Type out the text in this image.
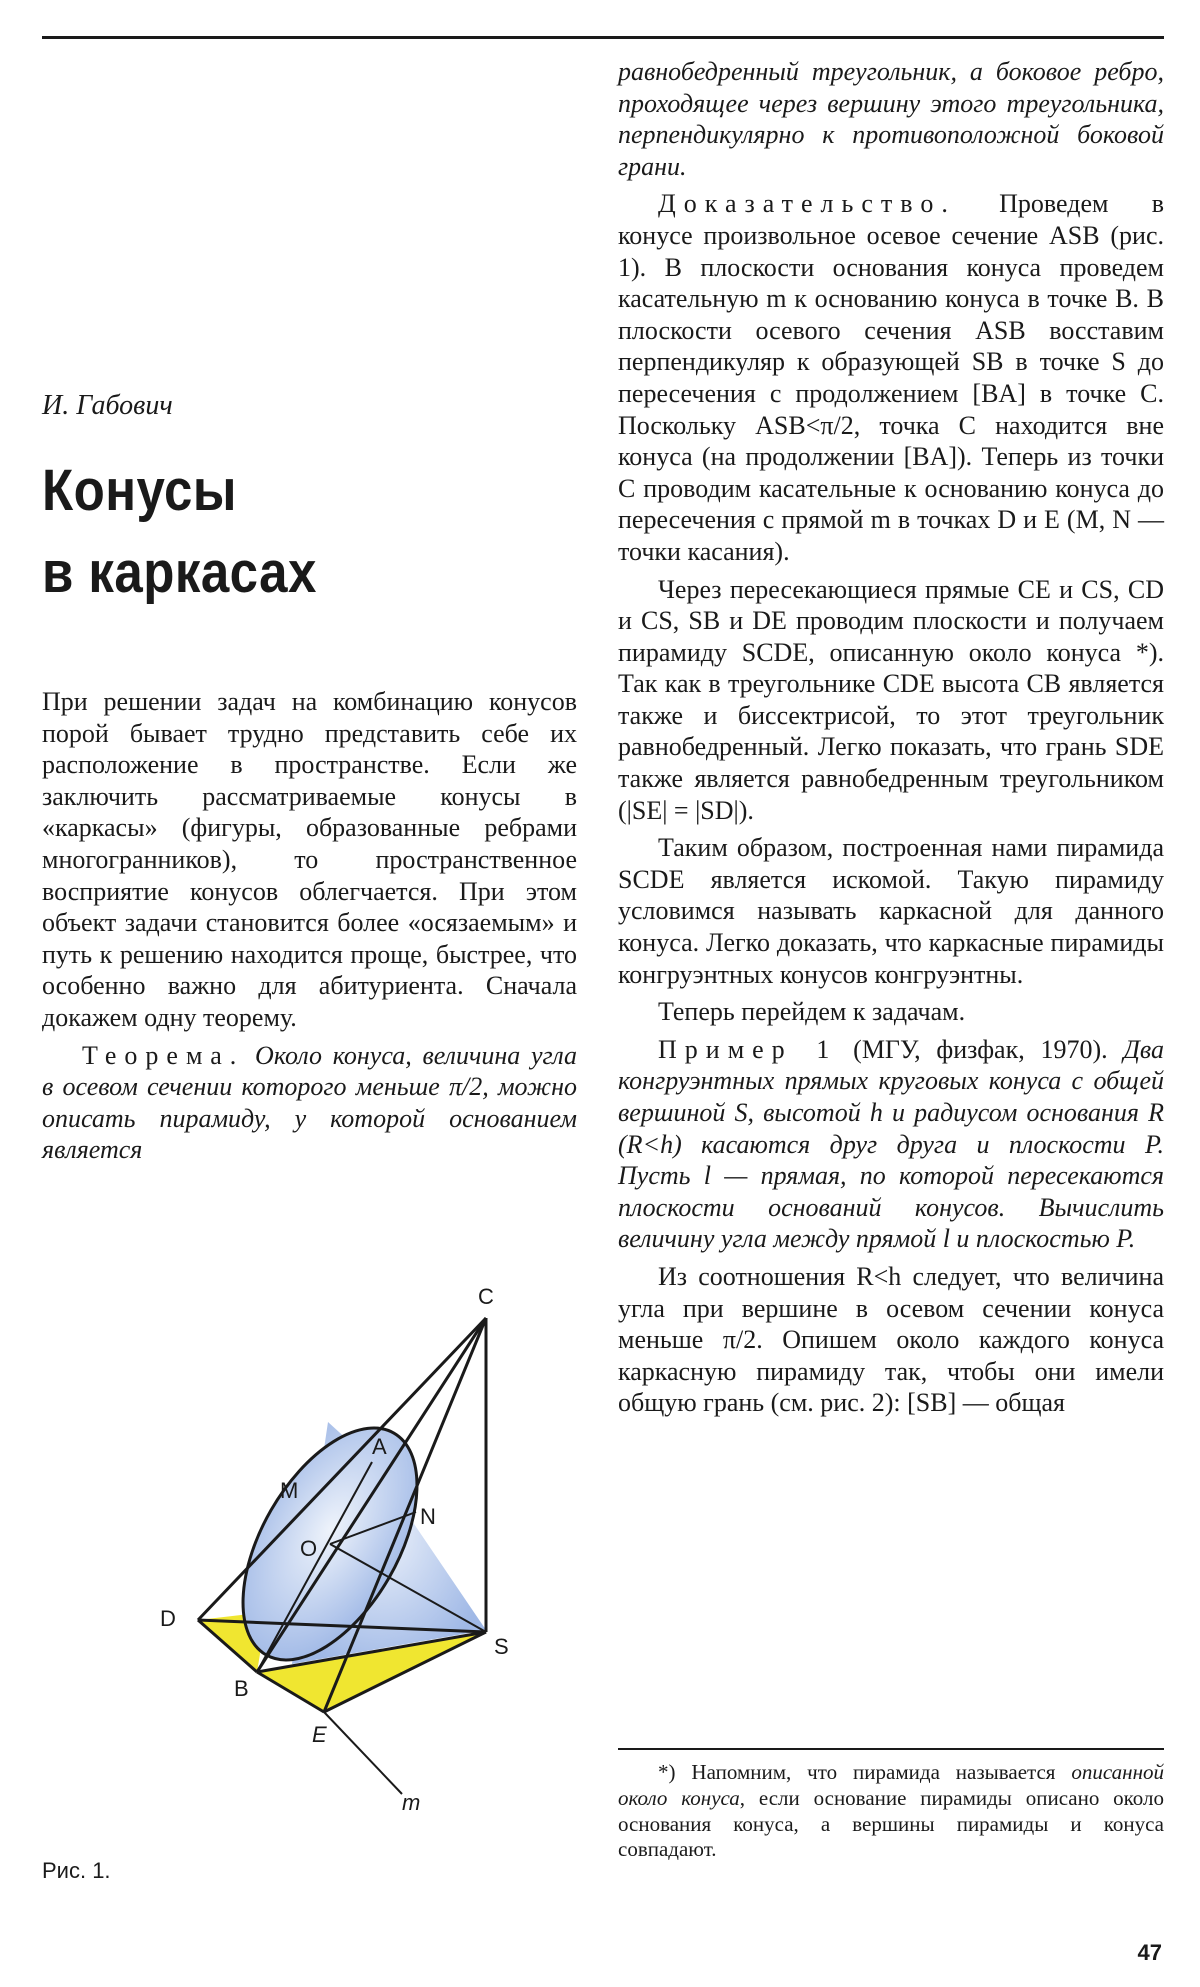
И. Габович
Конусы
в каркасах

При решении задач на комбинацию конусов порой бывает трудно представить себе их расположение в пространстве. Если же заключить рассматриваемые конусы в «каркасы» (фигуры, образованные ребрами многогранников), то пространственное восприятие конусов облегчается. При этом объект задачи становится более «осязаемым» и путь к решению находится проще, быстрее, что особенно важно для абитуриента. Сначала докажем одну теорему.

Теорема. Около конуса, величина угла в осевом сечении которого меньше π/2, можно описать пирамиду, у которой основанием является

равнобедренный треугольник, а боковое ребро, проходящее через вершину этого треугольника, перпендикулярно к противоположной боковой грани.

Доказательство. Проведем в конусе произвольное осевое сечение ASB (рис. 1). В плоскости основания конуса проведем касательную m к основанию конуса в точке B. В плоскости осевого сечения ASB восставим перпендикуляр к образующей SB в точке S до пересечения с продолжением [BA] в точке C. Поскольку ASB<π/2, точка C находится вне конуса (на продолжении [BA]). Теперь из точки C проводим касательные к основанию конуса до пересечения с прямой m в точках D и E (M, N — точки касания).

Через пересекающиеся прямые CE и CS, CD и CS, SB и DE проводим плоскости и получаем пирамиду SCDE, описанную около конуса *). Так как в треугольнике CDE высота CB является также и биссектрисой, то этот треугольник равнобедренный. Легко показать, что грань SDE также является равнобедренным треугольником (|SE| = |SD|).

Таким образом, построенная нами пирамида SCDE является искомой. Такую пирамиду условимся называть каркасной для данного конуса. Легко доказать, что каркасные пирамиды конгруэнтных конусов конгруэнтны.

Теперь перейдем к задачам.

Пример 1 (МГУ, физфак, 1970). Два конгруэнтных прямых круговых конуса с общей вершиной S, высотой h и радиусом основания R (R<h) касаются друг друга и плоскости P. Пусть l — прямая, по которой пересекаются плоскости оснований конусов. Вычислить величину угла между прямой l и плоскостью P.

Из соотношения R<h следует, что величина угла при вершине в осевом сечении конуса меньше π/2. Опишем около каждого конуса каркасную пирамиду так, чтобы они имели общую грань (см. рис. 2): [SB] — общая

C
A
M
N
O
D
S
B
E
m
Рис. 1.

*) Напомним, что пирамида называется описанной около конуса, если основание пирамиды описано около основания конуса, а вершины пирамиды и конуса совпадают.

47
